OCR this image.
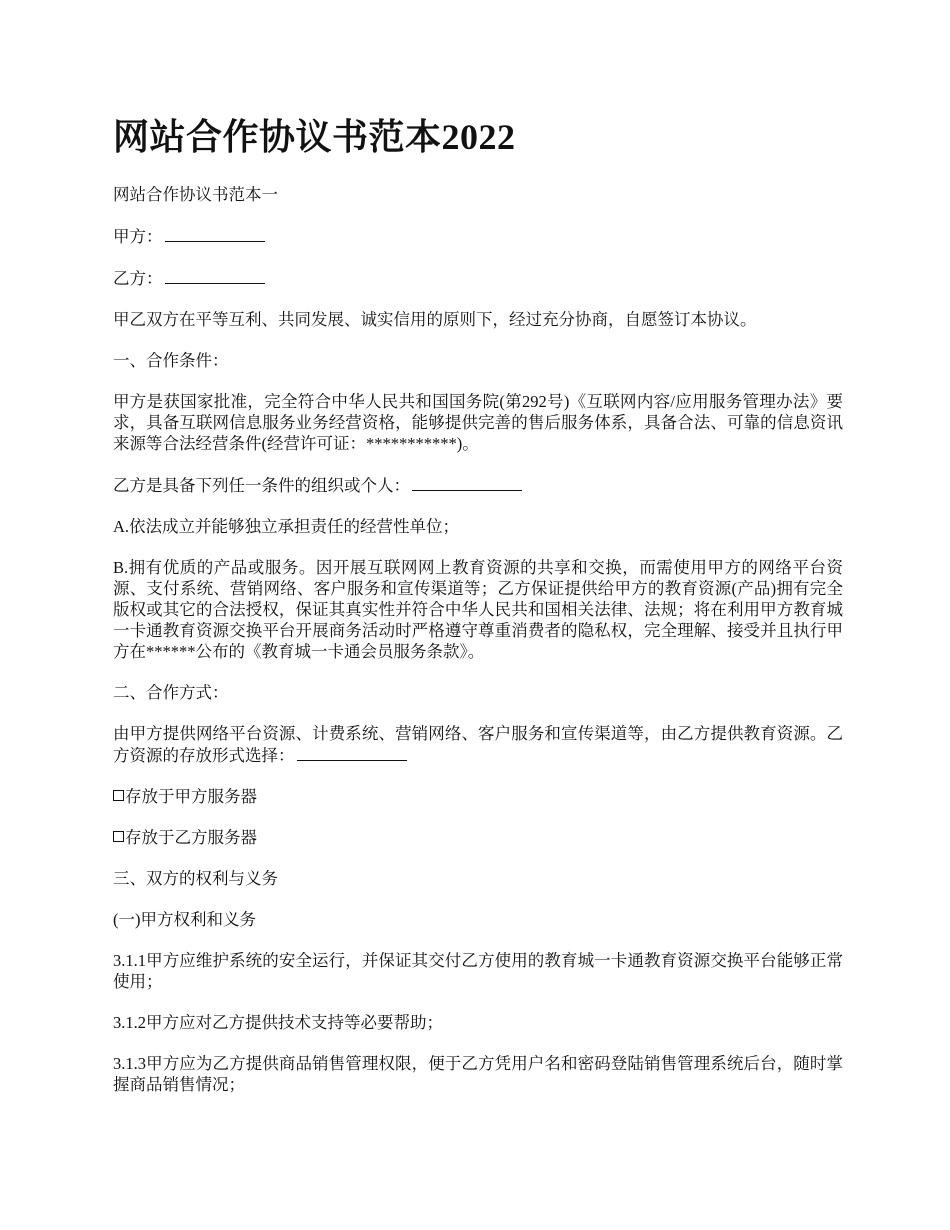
网站合作协议书范本2022

网站合作协议书范本一

甲方：

乙方：

甲乙双方在平等互利、共同发展、诚实信用的原则下，经过充分协商，自愿签订本协议。

一、合作条件：

甲方是获国家批准，完全符合中华人民共和国国务院(第292号)《互联网内容/应用服务管理办法》要求，具备互联网信息服务业务经营资格，能够提供完善的售后服务体系，具备合法、可靠的信息资讯来源等合法经营条件(经营许可证：***********)。

乙方是具备下列任一条件的组织或个人：

A.依法成立并能够独立承担责任的经营性单位；

B.拥有优质的产品或服务。因开展互联网网上教育资源的共享和交换，而需使用甲方的网络平台资源、支付系统、营销网络、客户服务和宣传渠道等；乙方保证提供给甲方的教育资源(产品)拥有完全版权或其它的合法授权，保证其真实性并符合中华人民共和国相关法律、法规；将在利用甲方教育城一卡通教育资源交换平台开展商务活动时严格遵守尊重消费者的隐私权，完全理解、接受并且执行甲方在******公布的《教育城一卡通会员服务条款》。

二、合作方式：

由甲方提供网络平台资源、计费系统、营销网络、客户服务和宣传渠道等，由乙方提供教育资源。乙方资源的存放形式选择：

存放于甲方服务器

存放于乙方服务器

三、双方的权利与义务

(一)甲方权利和义务

3.1.1甲方应维护系统的安全运行，并保证其交付乙方使用的教育城一卡通教育资源交换平台能够正常使用；

3.1.2甲方应对乙方提供技术支持等必要帮助；

3.1.3甲方应为乙方提供商品销售管理权限，便于乙方凭用户名和密码登陆销售管理系统后台，随时掌握商品销售情况；
